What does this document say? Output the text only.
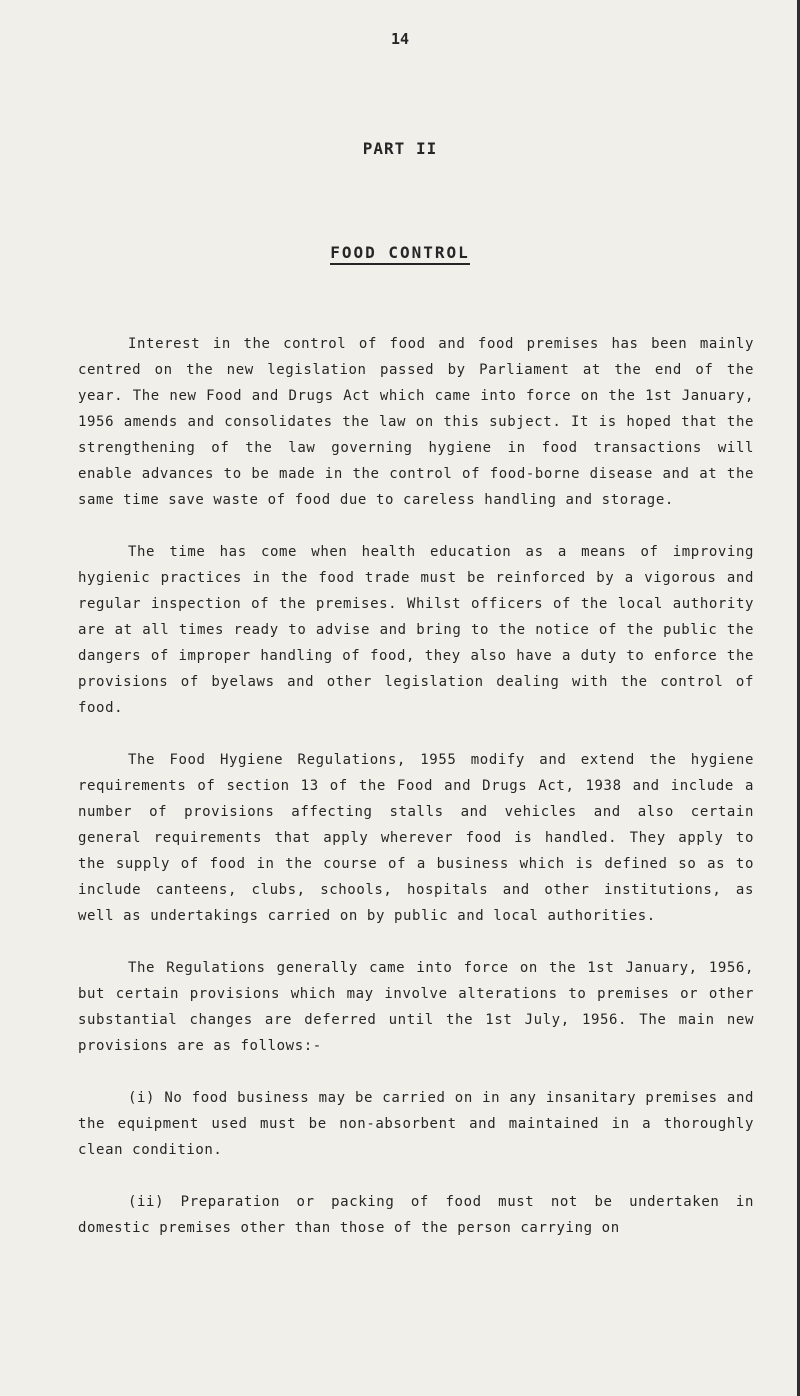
14
PART II
FOOD CONTROL

Interest in the control of food and food premises has been mainly centred on the new legislation passed by Parliament at the end of the year. The new Food and Drugs Act which came into force on the 1st January, 1956 amends and consolidates the law on this subject. It is hoped that the strengthening of the law governing hygiene in food transactions will enable advances to be made in the control of food-borne disease and at the same time save waste of food due to careless handling and storage.

The time has come when health education as a means of improving hygienic practices in the food trade must be reinforced by a vigorous and regular inspection of the premises. Whilst officers of the local authority are at all times ready to advise and bring to the notice of the public the dangers of improper handling of food, they also have a duty to enforce the provisions of byelaws and other legislation dealing with the control of food.

The Food Hygiene Regulations, 1955 modify and extend the hygiene requirements of section 13 of the Food and Drugs Act, 1938 and include a number of provisions affecting stalls and vehicles and also certain general requirements that apply wherever food is handled. They apply to the supply of food in the course of a business which is defined so as to include canteens, clubs, schools, hospitals and other institutions, as well as undertakings carried on by public and local authorities.

The Regulations generally came into force on the 1st January, 1956, but certain provisions which may involve alterations to premises or other substantial changes are deferred until the 1st July, 1956. The main new provisions are as follows:-

(i) No food business may be carried on in any insanitary premises and the equipment used must be non-absorbent and maintained in a thoroughly clean condition.

(ii) Preparation or packing of food must not be undertaken in domestic premises other than those of the person carrying on
